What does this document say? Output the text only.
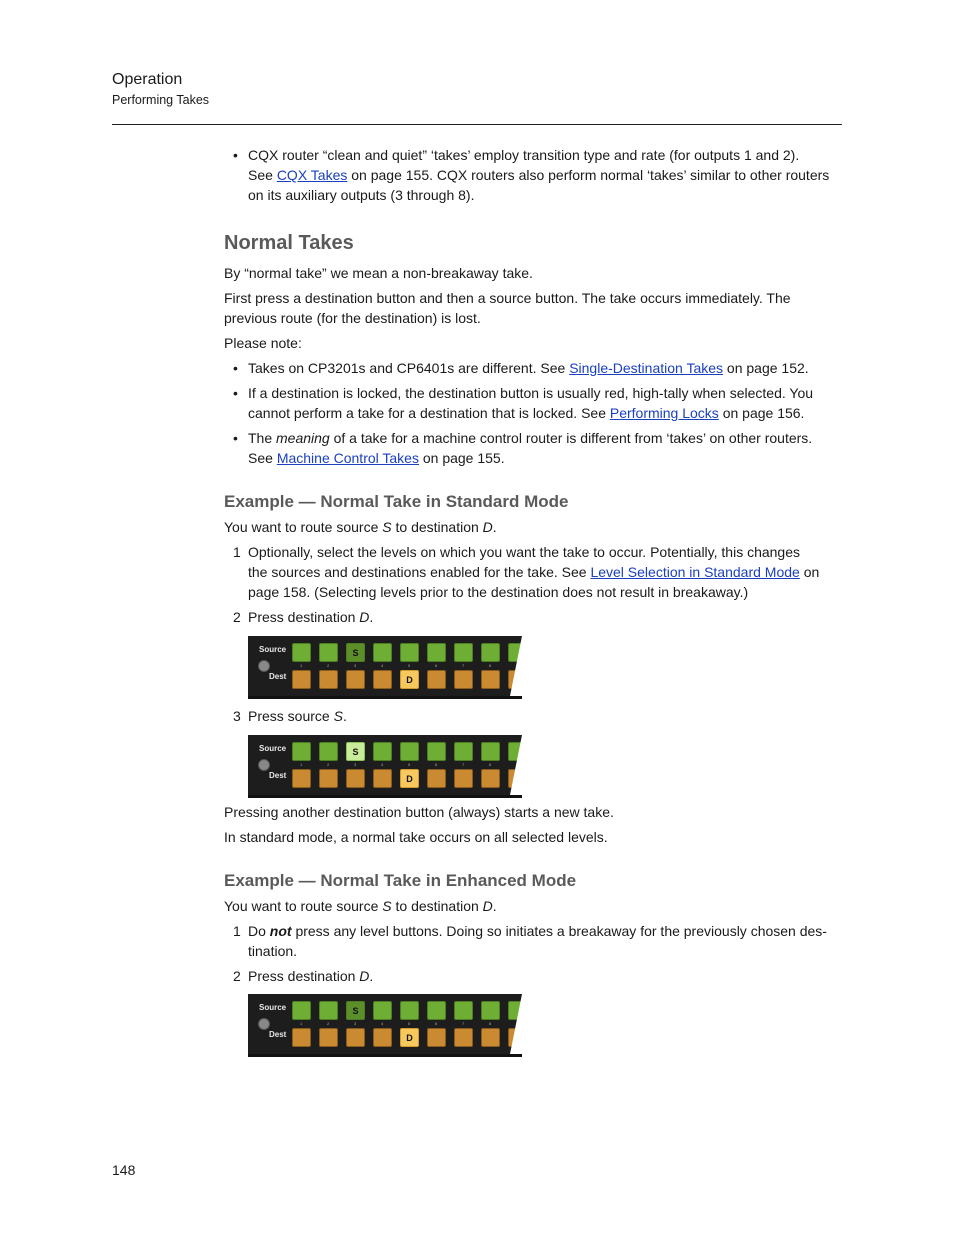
Operation
Performing Takes
• CQX router “clean and quiet” ‘takes’ employ transition type and rate (for outputs 1 and 2).
See CQX Takes on page 155. CQX routers also perform normal ‘takes’ similar to other routers
on its auxiliary outputs (3 through 8).
Normal Takes
By “normal take” we mean a non-breakaway take.
First press a destination button and then a source button. The take occurs immediately. The
previous route (for the destination) is lost.
Please note:
• Takes on CP3201s and CP6401s are different. See Single-Destination Takes on page 152.
• If a destination is locked, the destination button is usually red, high-tally when selected. You
cannot perform a take for a destination that is locked. See Performing Locks on page 156.
• The meaning of a take for a machine control router is different from ‘takes’ on other routers.
See Machine Control Takes on page 155.
Example — Normal Take in Standard Mode
You want to route source S to destination D.
1 Optionally, select the levels on which you want the take to occur. Potentially, this changes
the sources and destinations enabled for the take. See Level Selection in Standard Mode on
page 158. (Selecting levels prior to the destination does not result in breakaway.)
2 Press destination D.
Source
Dest
1	2
S
3	4	5
D
6	7	8
3 Press source S.
Source
Dest
1	2
S
3	4	5
D
6	7	8
Pressing another destination button (always) starts a new take.
In standard mode, a normal take occurs on all selected levels.
Example — Normal Take in Enhanced Mode
You want to route source S to destination D.
1 Do not press any level buttons. Doing so initiates a breakaway for the previously chosen des-
tination.
2 Press destination D.
Source
Dest
1	2
S
3	4	5
D
6	7	8
148
